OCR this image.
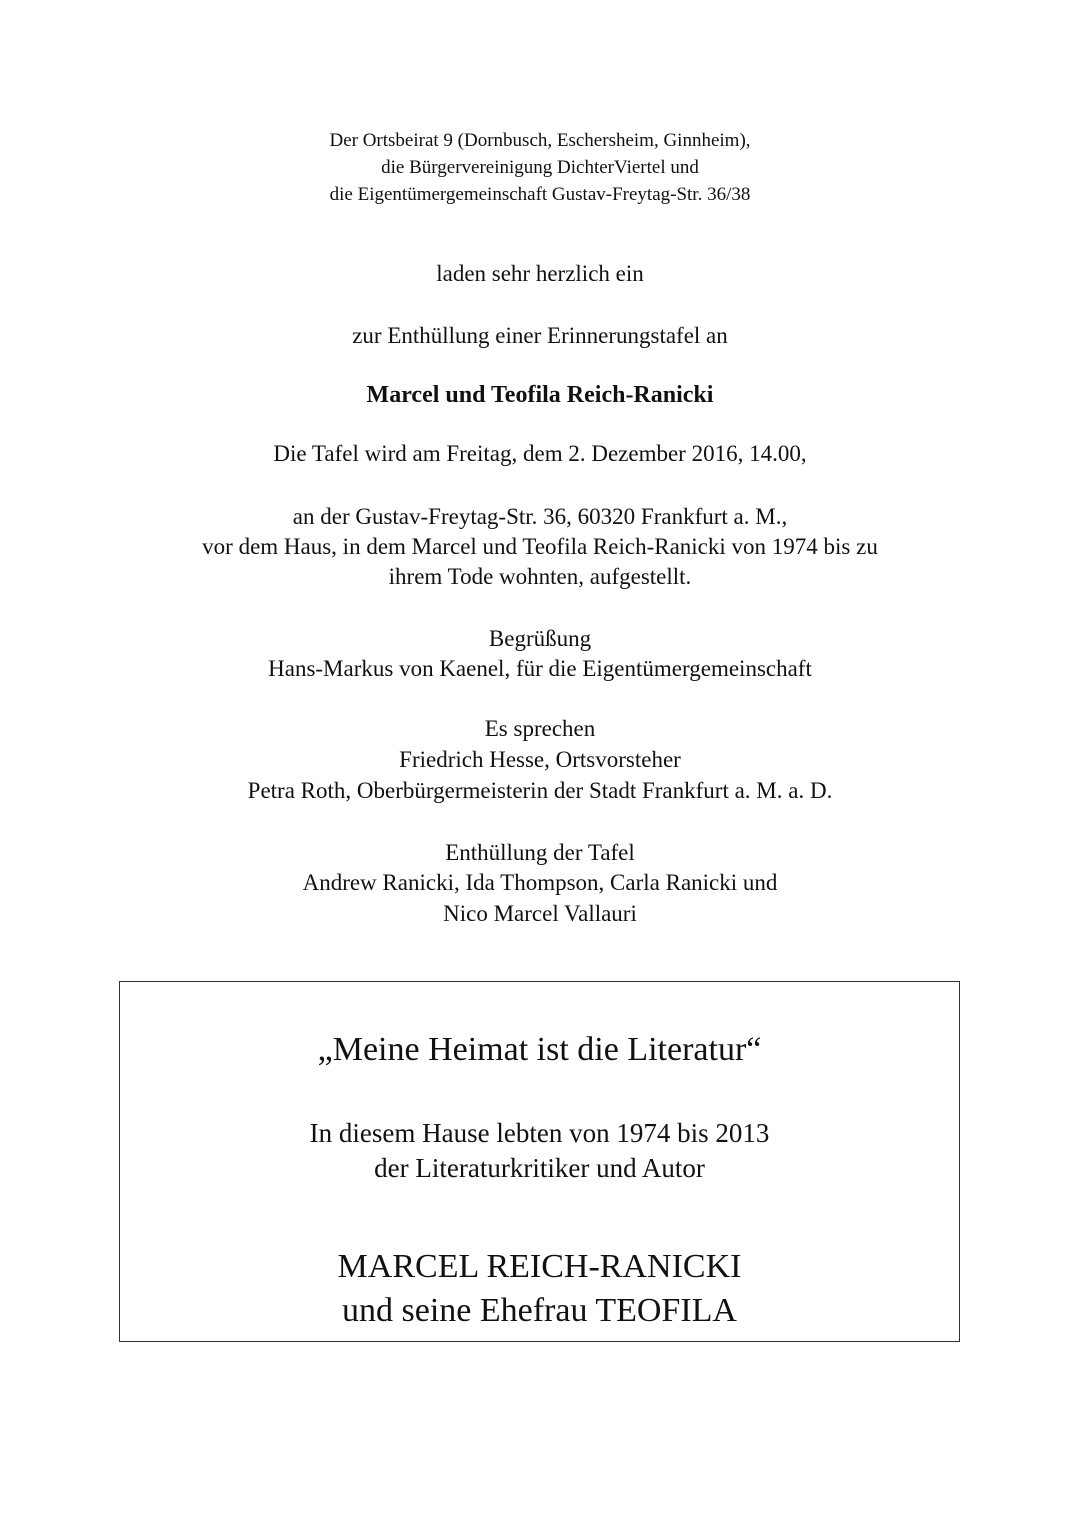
Der Ortsbeirat 9 (Dornbusch, Eschersheim, Ginnheim),
die Bürgervereinigung DichterViertel und
die Eigentümergemeinschaft Gustav-Freytag-Str. 36/38
laden sehr herzlich ein
zur Enthüllung einer Erinnerungstafel an
Marcel und Teofila Reich-Ranicki
Die Tafel wird am Freitag, dem 2. Dezember 2016, 14.00,
an der Gustav-Freytag-Str. 36, 60320 Frankfurt a. M.,
vor dem Haus, in dem Marcel und Teofila Reich-Ranicki von 1974 bis zu
ihrem Tode wohnten, aufgestellt.
Begrüßung
Hans-Markus von Kaenel, für die Eigentümergemeinschaft
Es sprechen
Friedrich Hesse, Ortsvorsteher
Petra Roth, Oberbürgermeisterin der Stadt Frankfurt a. M. a. D.
Enthüllung der Tafel
Andrew Ranicki, Ida Thompson, Carla Ranicki und
Nico Marcel Vallauri
„Meine Heimat ist die Literatur“
In diesem Hause lebten von 1974 bis 2013
der Literaturkritiker und Autor
MARCEL REICH-RANICKI
und seine Ehefrau TEOFILA
